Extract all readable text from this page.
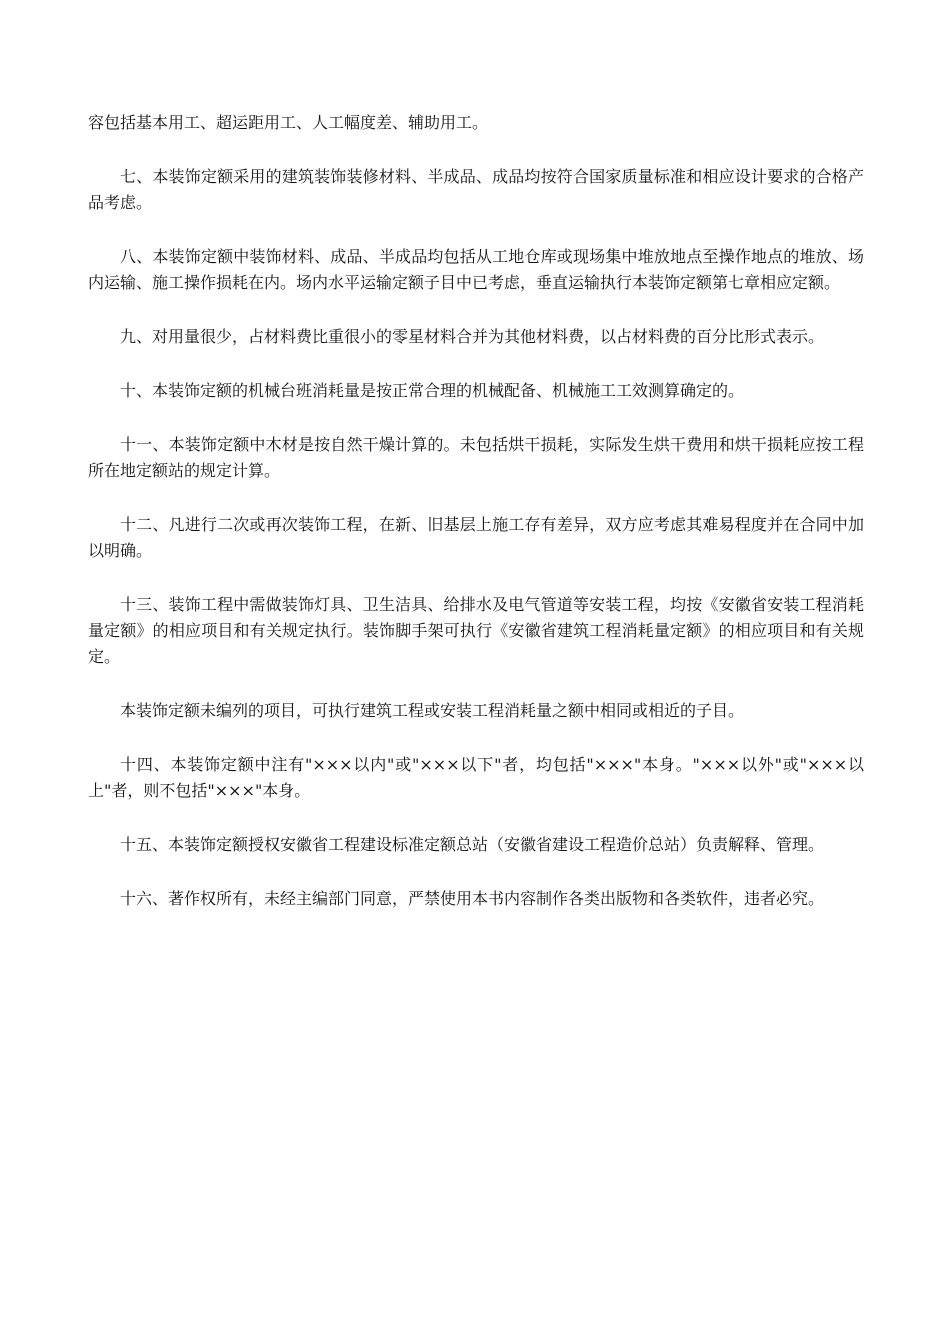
容包括基本用工、超运距用工、人工幅度差、辅助用工。

七、本装饰定额采用的建筑装饰装修材料、半成品、成品均按符合国家质量标准和相应设计要求的合格产品考虑。

八、本装饰定额中装饰材料、成品、半成品均包括从工地仓库或现场集中堆放地点至操作地点的堆放、场内运输、施工操作损耗在内。场内水平运输定额子目中已考虑，垂直运输执行本装饰定额第七章相应定额。

九、对用量很少，占材料费比重很小的零星材料合并为其他材料费，以占材料费的百分比形式表示。

十、本装饰定额的机械台班消耗量是按正常合理的机械配备、机械施工工效测算确定的。

十一、本装饰定额中木材是按自然干燥计算的。未包括烘干损耗，实际发生烘干费用和烘干损耗应按工程所在地定额站的规定计算。

十二、凡进行二次或再次装饰工程，在新、旧基层上施工存有差异，双方应考虑其难易程度并在合同中加以明确。

十三、装饰工程中需做装饰灯具、卫生洁具、给排水及电气管道等安装工程，均按《安徽省安装工程消耗量定额》的相应项目和有关规定执行。装饰脚手架可执行《安徽省建筑工程消耗量定额》的相应项目和有关规定。

本装饰定额未编列的项目，可执行建筑工程或安装工程消耗量之额中相同或相近的子目。

十四、本装饰定额中注有"×××以内"或"×××以下"者，均包括"×××"本身。"×××以外"或"×××以上"者，则不包括"×××"本身。

十五、本装饰定额授权安徽省工程建设标准定额总站（安徽省建设工程造价总站）负责解释、管理。

十六、著作权所有，未经主编部门同意，严禁使用本书内容制作各类出版物和各类软件，违者必究。
